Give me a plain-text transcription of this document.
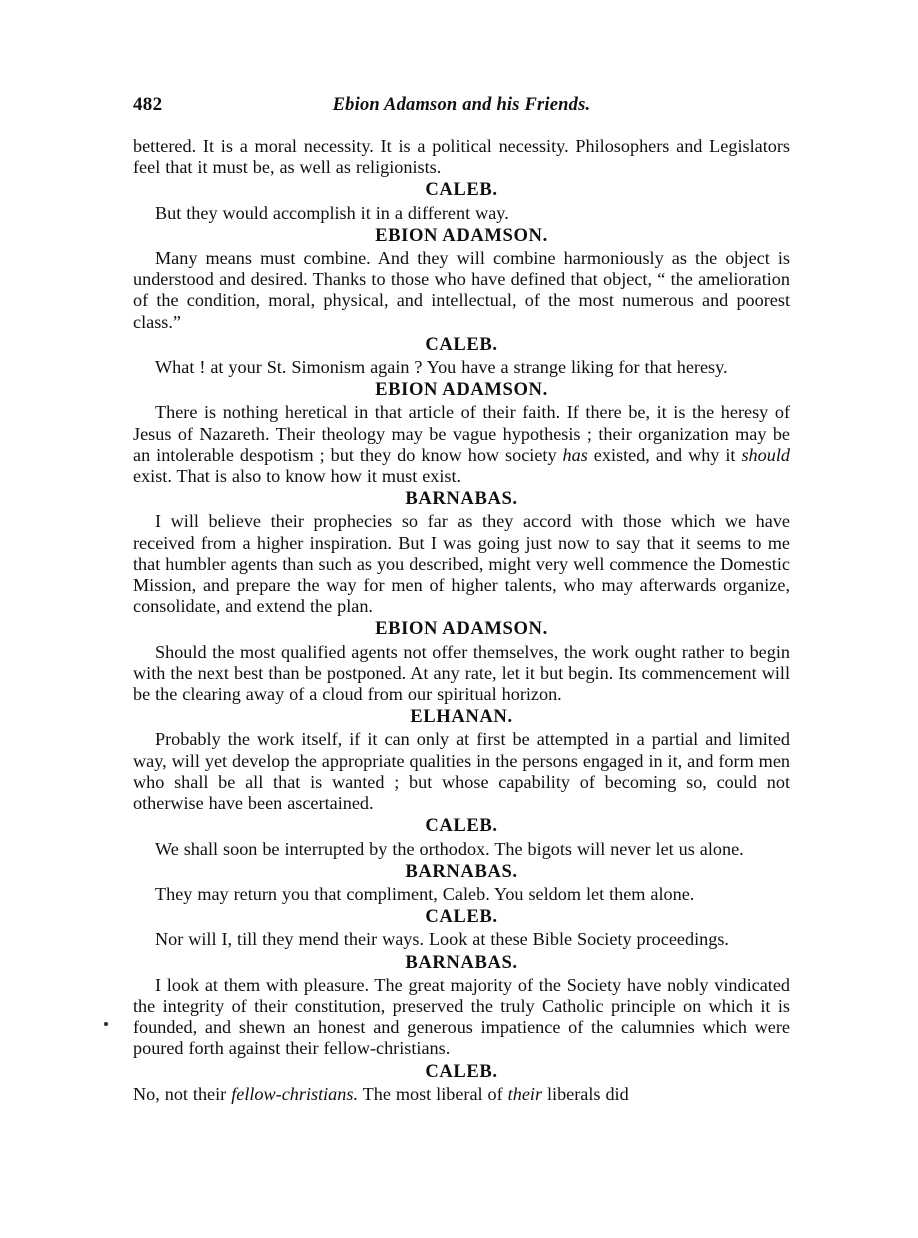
482	Ebion Adamson and his Friends.

bettered. It is a moral necessity. It is a political necessity. Philosophers and Legislators feel that it must be, as well as religionists.

CALEB.

But they would accomplish it in a different way.

EBION ADAMSON.

Many means must combine. And they will combine harmoniously as the object is understood and desired. Thanks to those who have defined that object, “ the amelioration of the condition, moral, physical, and intellectual, of the most numerous and poorest class.”

CALEB.

What ! at your St. Simonism again ? You have a strange liking for that heresy.

EBION ADAMSON.

There is nothing heretical in that article of their faith. If there be, it is the heresy of Jesus of Nazareth. Their theology may be vague hypothesis ; their organization may be an intolerable despotism ; but they do know how society has existed, and why it should exist. That is also to know how it must exist.

BARNABAS.

I will believe their prophecies so far as they accord with those which we have received from a higher inspiration. But I was going just now to say that it seems to me that humbler agents than such as you described, might very well commence the Domestic Mission, and prepare the way for men of higher talents, who may afterwards organize, consolidate, and extend the plan.

EBION ADAMSON.

Should the most qualified agents not offer themselves, the work ought rather to begin with the next best than be postponed. At any rate, let it but begin. Its commencement will be the clearing away of a cloud from our spiritual horizon.

ELHANAN.

Probably the work itself, if it can only at first be attempted in a partial and limited way, will yet develop the appropriate qualities in the persons engaged in it, and form men who shall be all that is wanted ; but whose capability of becoming so, could not otherwise have been ascertained.

CALEB.

We shall soon be interrupted by the orthodox. The bigots will never let us alone.

BARNABAS.

They may return you that compliment, Caleb. You seldom let them alone.

CALEB.

Nor will I, till they mend their ways. Look at these Bible Society proceedings.

BARNABAS.

I look at them with pleasure. The great majority of the Society have nobly vindicated the integrity of their constitution, preserved the truly Catholic principle on which it is founded, and shewn an honest and generous impatience of the calumnies which were poured forth against their fellow-christians.

CALEB.

No, not their fellow-christians. The most liberal of their liberals did
